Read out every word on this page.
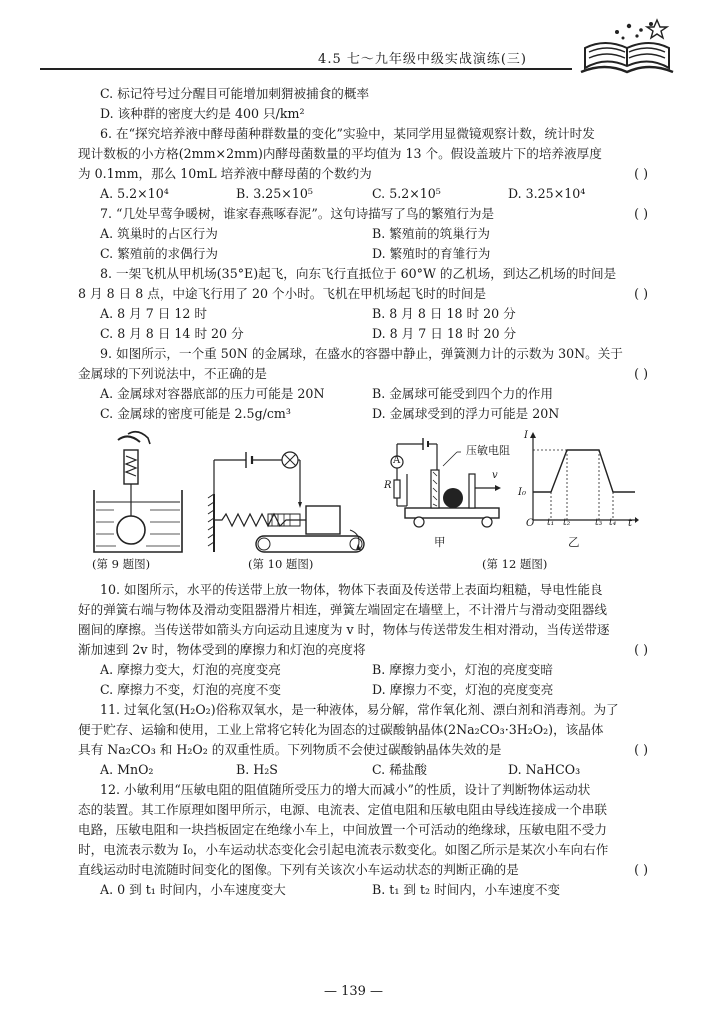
4.5 七～九年级中级实战演练(三)
C. 标记符号过分醒目可能增加刺猬被捕食的概率
D. 该种群的密度大约是 400 只/km²
6. 在“探究培养液中酵母菌种群数量的变化”实验中，某同学用显微镜观察计数，统计时发
现计数板的小方格(2mm×2mm)内酵母菌数量的平均值为 13 个。假设盖玻片下的培养液厚度
为 0.1mm，那么 10mL 培养液中酵母菌的个数约为	( )
A. 5.2×10⁴	B. 3.25×10⁵	C. 5.2×10⁵	D. 3.25×10⁴
7. “几处早莺争暖树，谁家春燕啄春泥”。这句诗描写了鸟的繁殖行为是	( )
A. 筑巢时的占区行为	B. 繁殖前的筑巢行为
C. 繁殖前的求偶行为	D. 繁殖时的育雏行为
8. 一架飞机从甲机场(35°E)起飞，向东飞行直抵位于 60°W 的乙机场，到达乙机场的时间是
8 月 8 日 8 点，中途飞行用了 20 个小时。飞机在甲机场起飞时的时间是	( )
A. 8 月 7 日 12 时	B. 8 月 8 日 18 时 20 分
C. 8 月 8 日 14 时 20 分	D. 8 月 7 日 18 时 20 分
9. 如图所示，一个重 50N 的金属球，在盛水的容器中静止，弹簧测力计的示数为 30N。关于
金属球的下列说法中，不正确的是	( )
A. 金属球对容器底部的压力可能是 20N	B. 金属球可能受到四个力的作用
C. 金属球的密度可能是 2.5g/cm³	D. 金属球受到的浮力可能是 20N
(第 9 题图)	(第 10 题图)
压敏电阻
A
R
v
甲
I
I₀
O t₁ t₂	t₃ t₄ t
乙
(第 12 题图)
10. 如图所示，水平的传送带上放一物体，物体下表面及传送带上表面均粗糙，导电性能良
好的弹簧右端与物体及滑动变阻器滑片相连，弹簧左端固定在墙壁上，不计滑片与滑动变阻器线
圈间的摩擦。当传送带如箭头方向运动且速度为 v 时，物体与传送带发生相对滑动，当传送带逐
渐加速到 2v 时，物体受到的摩擦力和灯泡的亮度将	( )
A. 摩擦力变大，灯泡的亮度变亮	B. 摩擦力变小，灯泡的亮度变暗
C. 摩擦力不变，灯泡的亮度不变	D. 摩擦力不变，灯泡的亮度变亮
11. 过氧化氢(H₂O₂)俗称双氧水，是一种液体，易分解，常作氧化剂、漂白剂和消毒剂。为了
便于贮存、运输和使用，工业上常将它转化为固态的过碳酸钠晶体(2Na₂CO₃·3H₂O₂)，该晶体
具有 Na₂CO₃ 和 H₂O₂ 的双重性质。下列物质不会使过碳酸钠晶体失效的是	( )
A. MnO₂	B. H₂S	C. 稀盐酸	D. NaHCO₃
12. 小敏利用“压敏电阻的阻值随所受压力的增大而减小”的性质，设计了判断物体运动状
态的装置。其工作原理如图甲所示，电源、电流表、定值电阻和压敏电阻由导线连接成一个串联
电路，压敏电阻和一块挡板固定在绝缘小车上，中间放置一个可活动的绝缘球，压敏电阻不受力
时，电流表示数为 I₀，小车运动状态变化会引起电流表示数变化。如图乙所示是某次小车向右作
直线运动时电流随时间变化的图像。下列有关该次小车运动状态的判断正确的是	( )
A. 0 到 t₁ 时间内，小车速度变大	B. t₁ 到 t₂ 时间内，小车速度不变
— 139 —
